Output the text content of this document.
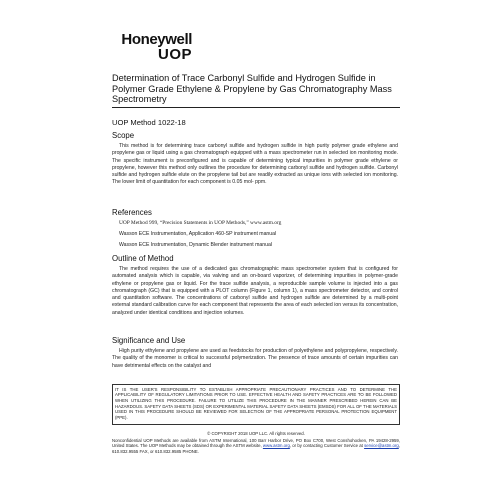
Honeywell
UOP
Determination of Trace Carbonyl Sulfide and Hydrogen Sulfide in Polymer Grade Ethylene & Propylene by Gas Chromatography Mass Spectrometry
UOP Method 1022-18
Scope
This method is for determining trace carbonyl sulfide and hydrogen sulfide in high purity polymer grade ethylene and propylene gas or liquid using a gas chromatograph equipped with a mass spectrometer run in selected ion monitoring mode. The specific instrument is preconfigured and is capable of determining typical impurities in polymer grade ethylene or propylene, however this method only outlines the procedure for determining carbonyl sulfide and hydrogen sulfide. Carbonyl sulfide and hydrogen sulfide elute on the propylene tail but are readily extracted as unique ions with selected ion monitoring. The lower limit of quantitation for each component is 0.05 mol- ppm.
References
UOP Method 999, “Precision Statements in UOP Methods,” www.astm.org
Wasson ECE Instrumentation, Application 460-SP instrument manual
Wasson ECE Instrumentation, Dynamic Blender instrument manual
Outline of Method
The method requires the use of a dedicated gas chromatographic mass spectrometer system that is configured for automated analysis which is capable, via valving and an on-board vaporizer, of determining impurities in polymer-grade ethylene or propylene gas or liquid. For the trace sulfide analysis, a reproducible sample volume is injected into a gas chromatograph (GC) that is equipped with a PLOT column (Figure 1, column 1), a mass spectrometer detector, and control and quantitation software. The concentrations of carbonyl sulfide and hydrogen sulfide are determined by a multi-point external standard calibration curve for each component that represents the area of each selected ion versus its concentration, analyzed under identical conditions and injection volumes.
Significance and Use
High purity ethylene and propylene are used as feedstocks for production of polyethylene and polypropylene, respectively. The quality of the monomer is critical to successful polymerization. The presence of trace amounts of certain impurities can have detrimental effects on the catalyst and
IT IS THE USER'S RESPONSIBILITY TO ESTABLISH APPROPRIATE PRECAUTIONARY PRACTICES AND TO DETERMINE THE APPLICABILITY OF REGULATORY LIMITATIONS PRIOR TO USE. EFFECTIVE HEALTH AND SAFETY PRACTICES ARE TO BE FOLLOWED WHEN UTILIZING THIS PROCEDURE. FAILURE TO UTILIZE THIS PROCEDURE IN THE MANNER PRESCRIBED HEREIN CAN BE HAZARDOUS. SAFETY DATA SHEETS (SDS) OR EXPERIMENTAL MATERIAL SAFETY DATA SHEETS (EMSDS) FOR ALL OF THE MATERIALS USED IN THIS PROCEDURE SHOULD BE REVIEWED FOR SELECTION OF THE APPROPRIATE PERSONAL PROTECTION EQUIPMENT (PPE).
© COPYRIGHT 2018 UOP LLC. All rights reserved.
Nonconfidential UOP Methods are available from ASTM International, 100 Barr Harbor Drive, PO Box C700, West Conshohocken, PA 19428-2959, United States. The UOP Methods may be obtained through the ASTM website, www.astm.org, or by contacting Customer Service at service@astm.org, 610.832.9555 FAX, or 610.832.9585 PHONE.
